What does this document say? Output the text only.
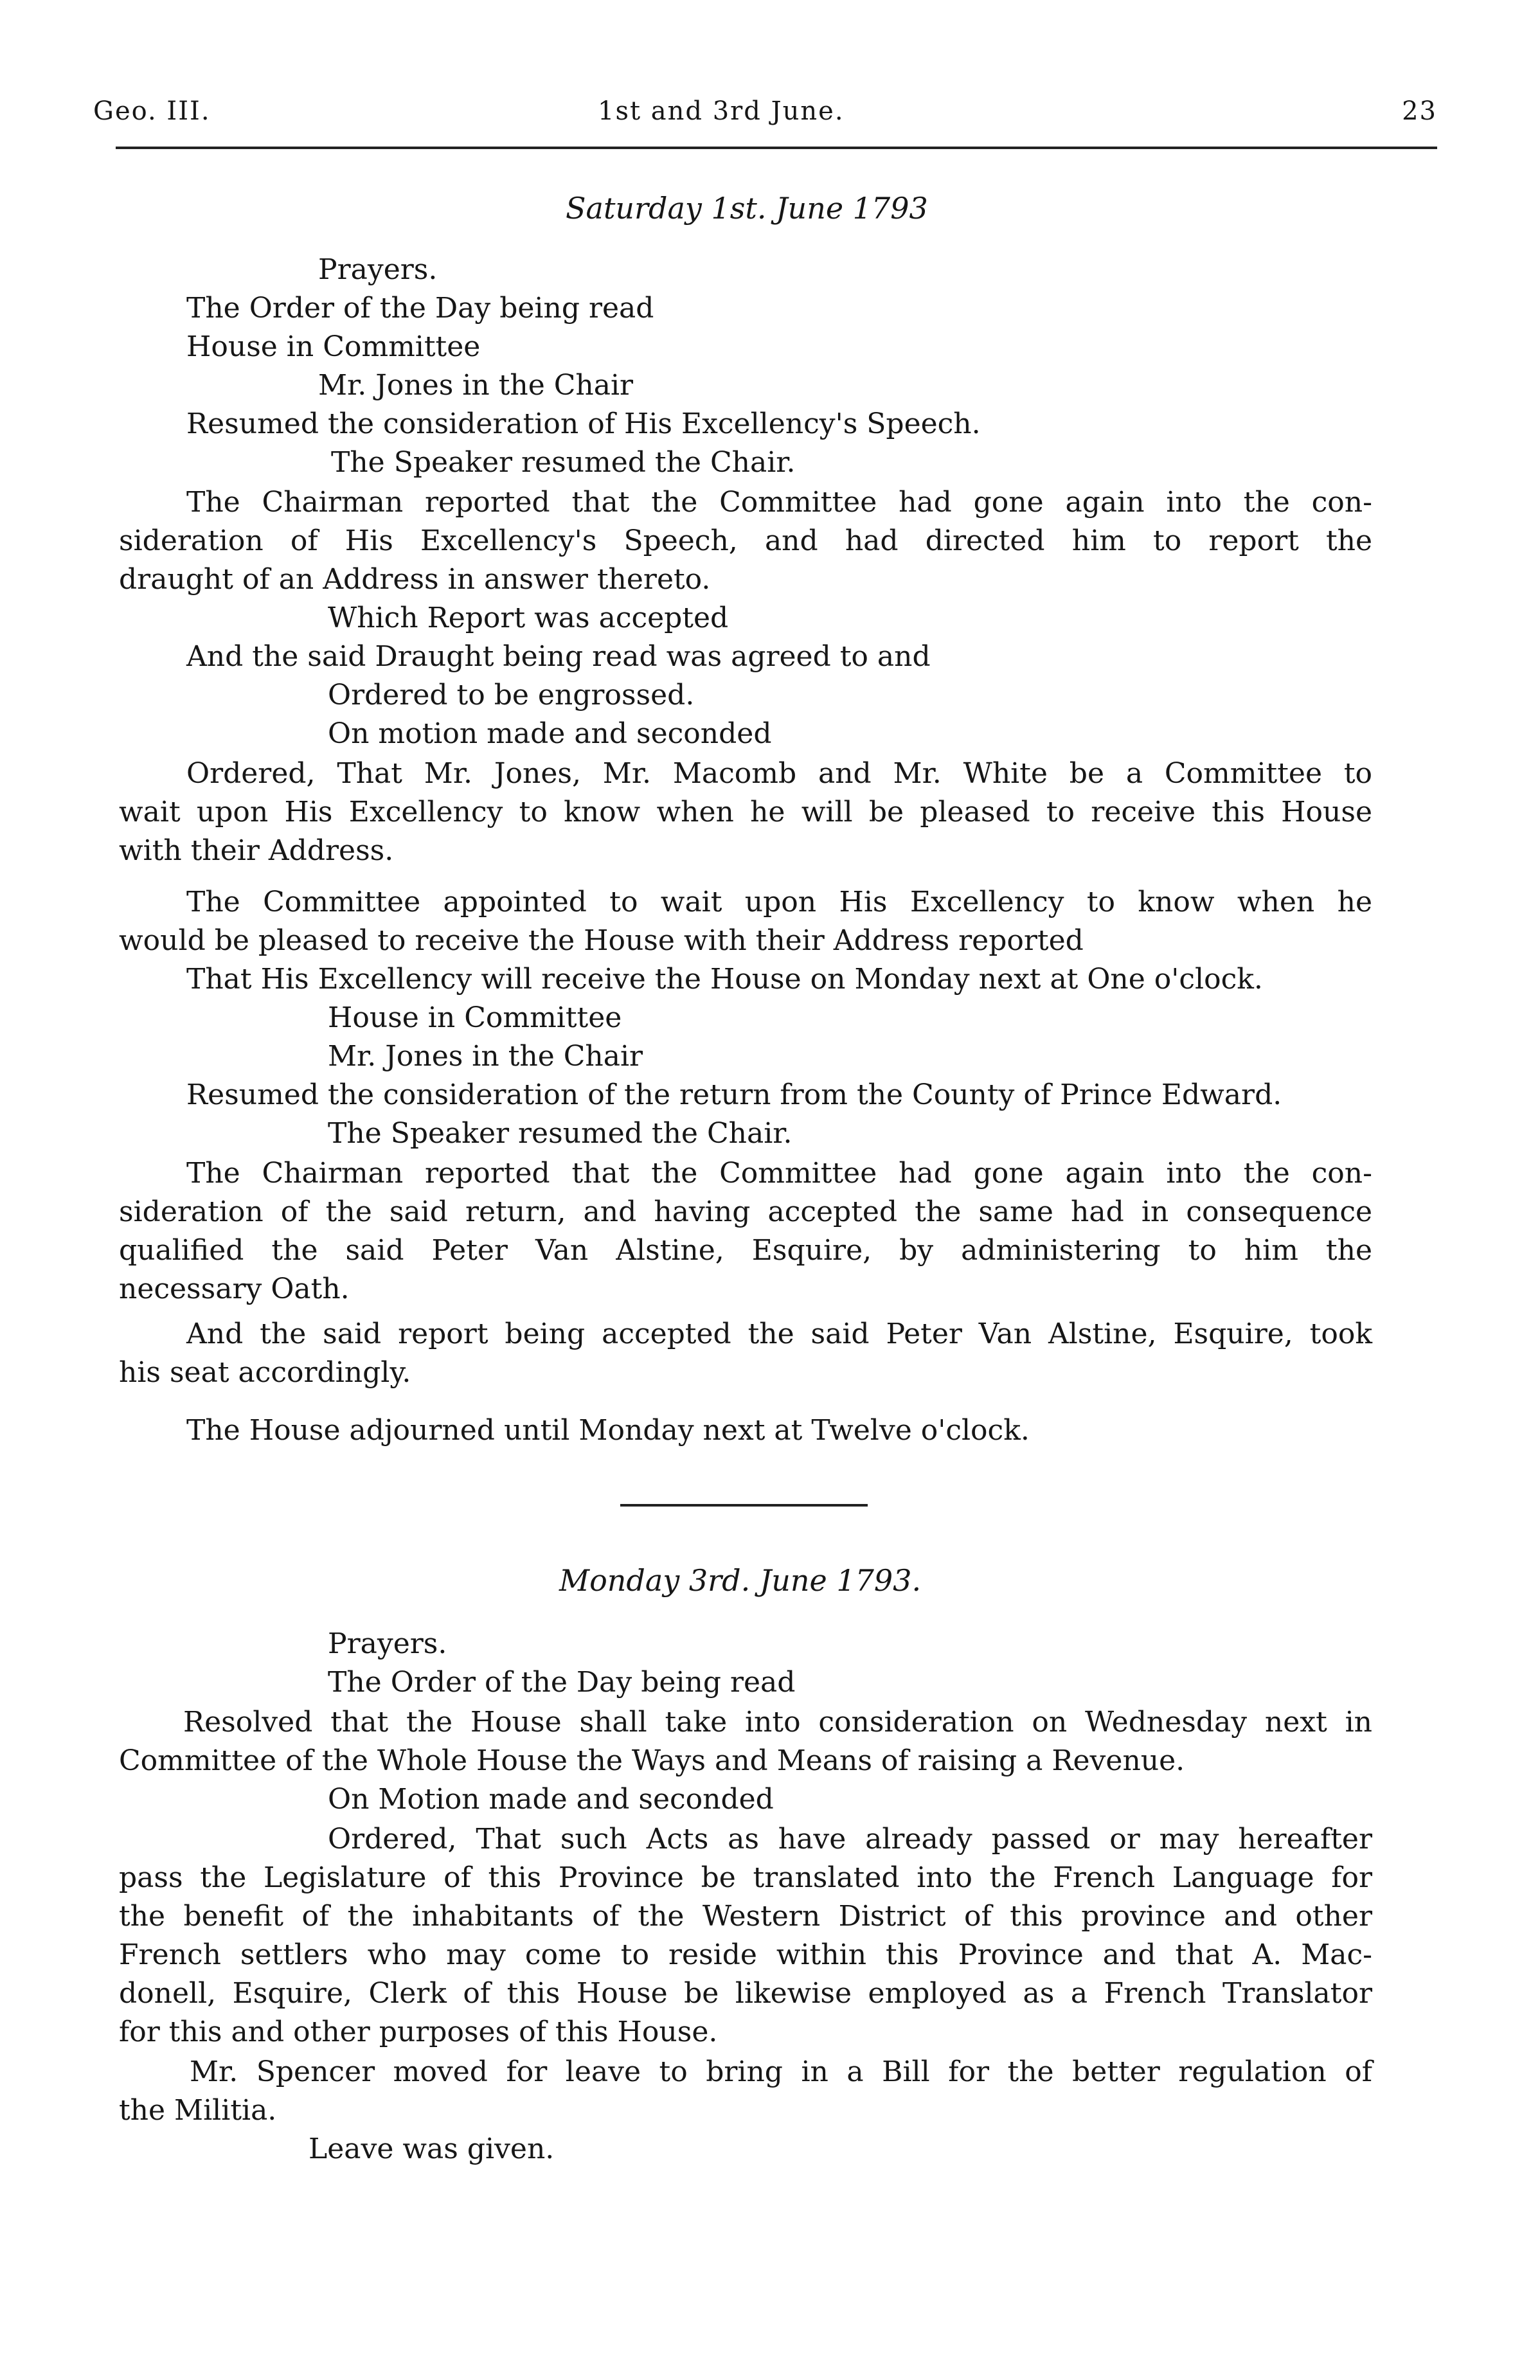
Geo. III.	1st and 3rd June.	23
Saturday 1st. June 1793
Prayers.
The Order of the Day being read
House in Committee
Mr. Jones in the Chair
Resumed the consideration of His Excellency's Speech.
The Speaker resumed the Chair.
The Chairman reported that the Committee had gone again into the con-
sideration of His Excellency's Speech, and had directed him to report the
draught of an Address in answer thereto.
Which Report was accepted
And the said Draught being read was agreed to and
Ordered to be engrossed.
On motion made and seconded
Ordered, That Mr. Jones, Mr. Macomb and Mr. White be a Committee to
wait upon His Excellency to know when he will be pleased to receive this House
with their Address.
The Committee appointed to wait upon His Excellency to know when he
would be pleased to receive the House with their Address reported
That His Excellency will receive the House on Monday next at One o'clock.
House in Committee
Mr. Jones in the Chair
Resumed the consideration of the return from the County of Prince Edward.
The Speaker resumed the Chair.
The Chairman reported that the Committee had gone again into the con-
sideration of the said return, and having accepted the same had in consequence
qualified the said Peter Van Alstine, Esquire, by administering to him the
necessary Oath.
And the said report being accepted the said Peter Van Alstine, Esquire, took
his seat accordingly.
The House adjourned until Monday next at Twelve o'clock.
Monday 3rd. June 1793.
Prayers.
The Order of the Day being read
Resolved that the House shall take into consideration on Wednesday next in
Committee of the Whole House the Ways and Means of raising a Revenue.
On Motion made and seconded
Ordered, That such Acts as have already passed or may hereafter
pass the Legislature of this Province be translated into the French Language for
the benefit of the inhabitants of the Western District of this province and other
French settlers who may come to reside within this Province and that A. Mac-
donell, Esquire, Clerk of this House be likewise employed as a French Translator
for this and other purposes of this House.
Mr. Spencer moved for leave to bring in a Bill for the better regulation of
the Militia.
Leave was given.
